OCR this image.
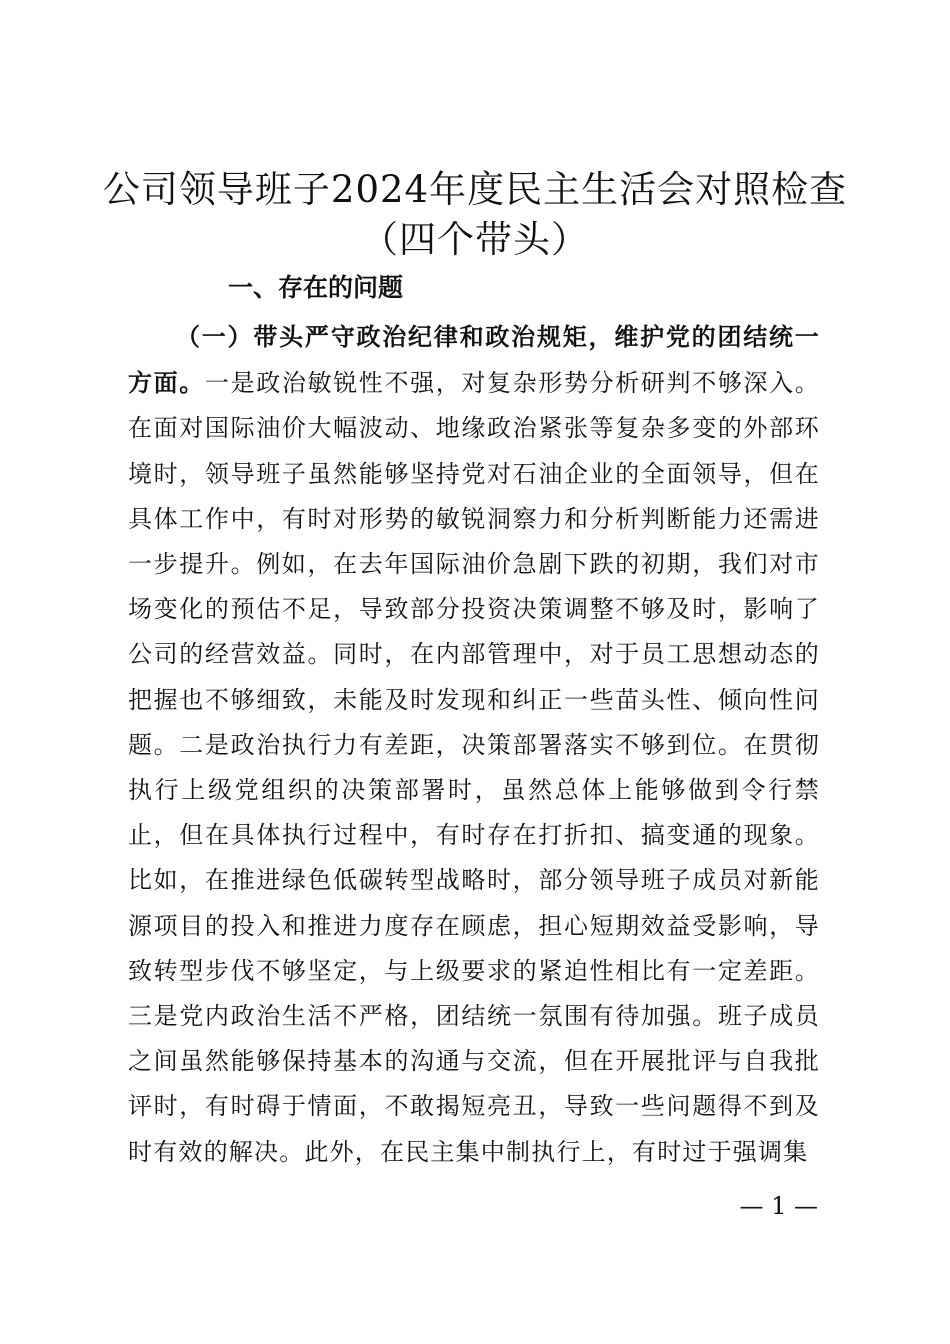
公司领导班子2024年度民主生活会对照检查
（四个带头）
一、存在的问题

（一）带头严守政治纪律和政治规矩，维护党的团结统一方面。一是政治敏锐性不强，对复杂形势分析研判不够深入。在面对国际油价大幅波动、地缘政治紧张等复杂多变的外部环境时，领导班子虽然能够坚持党对石油企业的全面领导，但在具体工作中，有时对形势的敏锐洞察力和分析判断能力还需进一步提升。例如，在去年国际油价急剧下跌的初期，我们对市场变化的预估不足，导致部分投资决策调整不够及时，影响了公司的经营效益。同时，在内部管理中，对于员工思想动态的把握也不够细致，未能及时发现和纠正一些苗头性、倾向性问题。二是政治执行力有差距，决策部署落实不够到位。在贯彻执行上级党组织的决策部署时，虽然总体上能够做到令行禁止，但在具体执行过程中，有时存在打折扣、搞变通的现象。比如，在推进绿色低碳转型战略时，部分领导班子成员对新能源项目的投入和推进力度存在顾虑，担心短期效益受影响，导致转型步伐不够坚定，与上级要求的紧迫性相比有一定差距。三是党内政治生活不严格，团结统一氛围有待加强。班子成员之间虽然能够保持基本的沟通与交流，但在开展批评与自我批评时，有时碍于情面，不敢揭短亮丑，导致一些问题得不到及时有效的解决。此外，在民主集中制执行上，有时过于强调集

— 1 —
